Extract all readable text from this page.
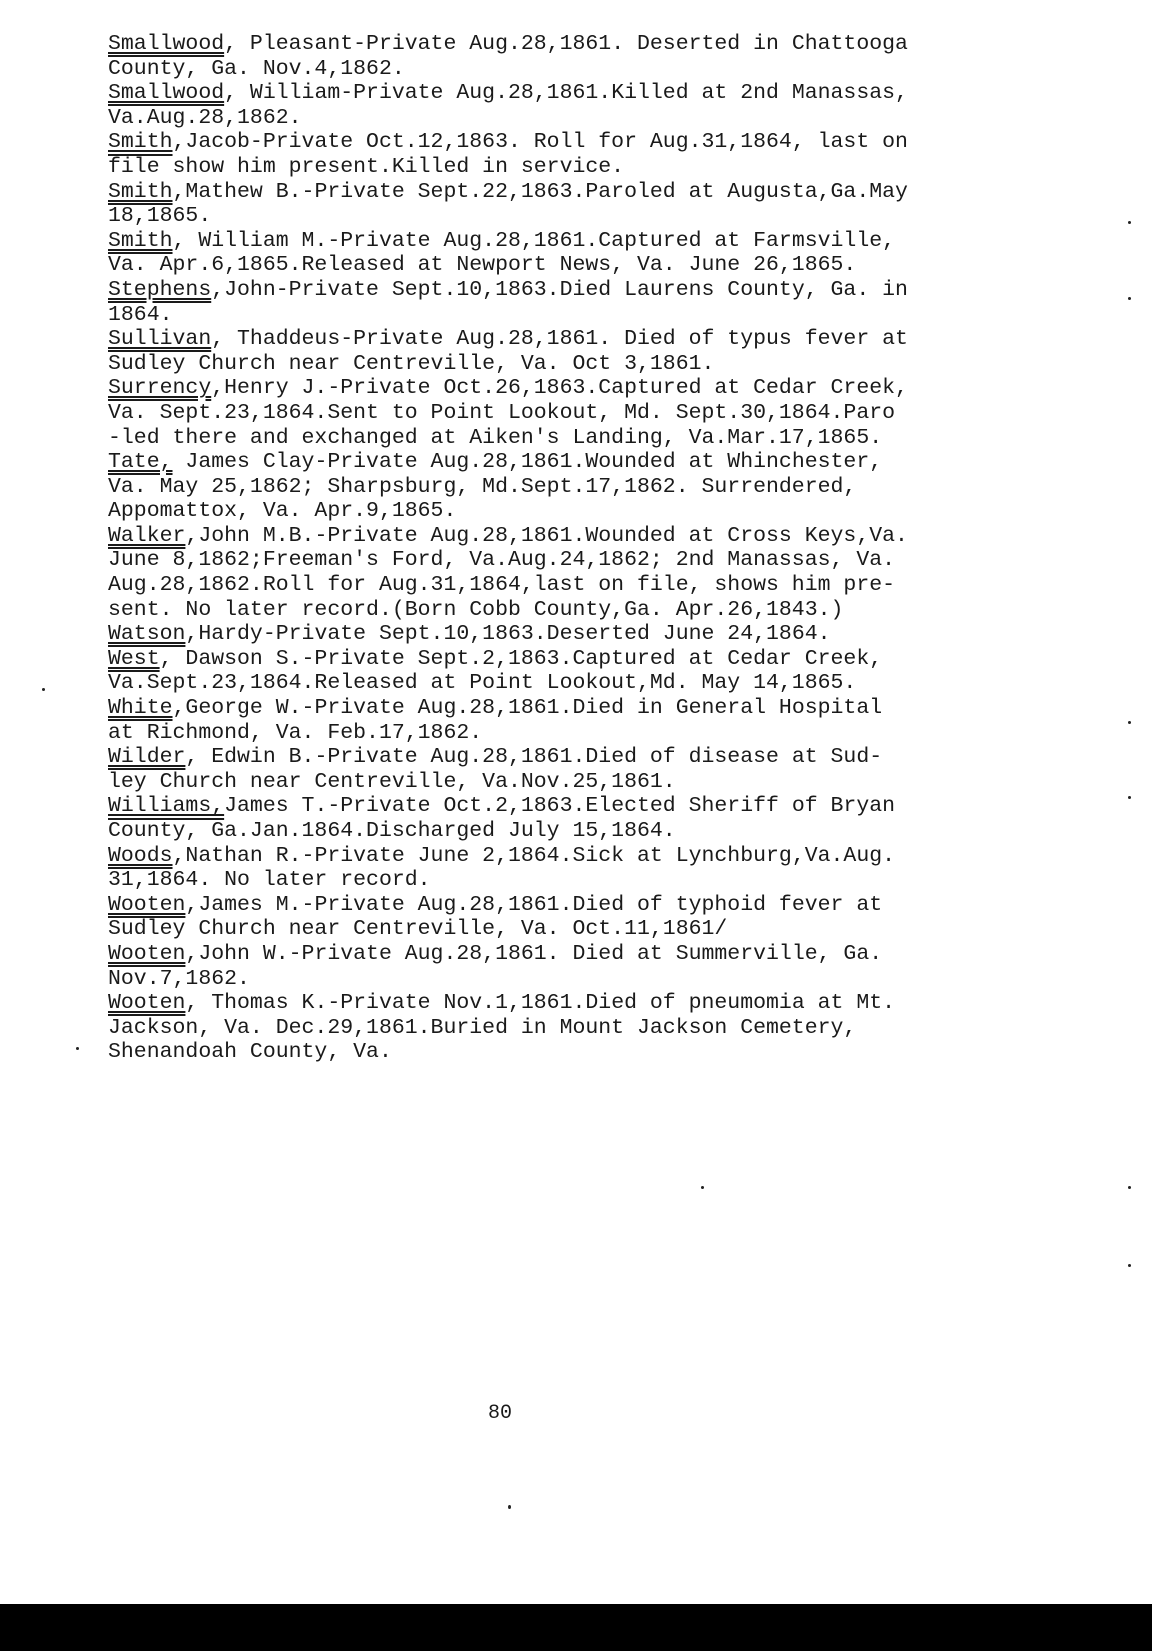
Smallwood, Pleasant-Private Aug.28,1861. Deserted in Chattooga
County, Ga. Nov.4,1862.
Smallwood, William-Private Aug.28,1861.Killed at 2nd Manassas,
Va.Aug.28,1862.
Smith,Jacob-Private Oct.12,1863. Roll for Aug.31,1864, last on
file show him present.Killed in service.
Smith,Mathew B.-Private Sept.22,1863.Paroled at Augusta,Ga.May
18,1865.
Smith, William M.-Private Aug.28,1861.Captured at Farmsville,
Va. Apr.6,1865.Released at Newport News, Va. June 26,1865.
Stephens,John-Private Sept.10,1863.Died Laurens County, Ga. in
1864.
Sullivan, Thaddeus-Private Aug.28,1861. Died of typus fever at
Sudley Church near Centreville, Va. Oct 3,1861.
Surrency,Henry J.-Private Oct.26,1863.Captured at Cedar Creek,
Va. Sept.23,1864.Sent to Point Lookout, Md. Sept.30,1864.Paro
-led there and exchanged at Aiken's Landing, Va.Mar.17,1865.
Tate, James Clay-Private Aug.28,1861.Wounded at Whinchester,
Va. May 25,1862; Sharpsburg, Md.Sept.17,1862. Surrendered,
Appomattox, Va. Apr.9,1865.
Walker,John M.B.-Private Aug.28,1861.Wounded at Cross Keys,Va.
June 8,1862;Freeman's Ford, Va.Aug.24,1862; 2nd Manassas, Va.
Aug.28,1862.Roll for Aug.31,1864,last on file, shows him pre-
sent. No later record.(Born Cobb County,Ga. Apr.26,1843.)
Watson,Hardy-Private Sept.10,1863.Deserted June 24,1864.
West, Dawson S.-Private Sept.2,1863.Captured at Cedar Creek,
Va.Sept.23,1864.Released at Point Lookout,Md. May 14,1865.
White,George W.-Private Aug.28,1861.Died in General Hospital
at Richmond, Va. Feb.17,1862.
Wilder, Edwin B.-Private Aug.28,1861.Died of disease at Sud-
ley Church near Centreville, Va.Nov.25,1861.
Williams,James T.-Private Oct.2,1863.Elected Sheriff of Bryan
County, Ga.Jan.1864.Discharged July 15,1864.
Woods,Nathan R.-Private June 2,1864.Sick at Lynchburg,Va.Aug.
31,1864. No later record.
Wooten,James M.-Private Aug.28,1861.Died of typhoid fever at
Sudley Church near Centreville, Va. Oct.11,1861/
Wooten,John W.-Private Aug.28,1861. Died at Summerville, Ga.
Nov.7,1862.
Wooten, Thomas K.-Private Nov.1,1861.Died of pneumomia at Mt.
Jackson, Va. Dec.29,1861.Buried in Mount Jackson Cemetery,
Shenandoah County, Va.
80
